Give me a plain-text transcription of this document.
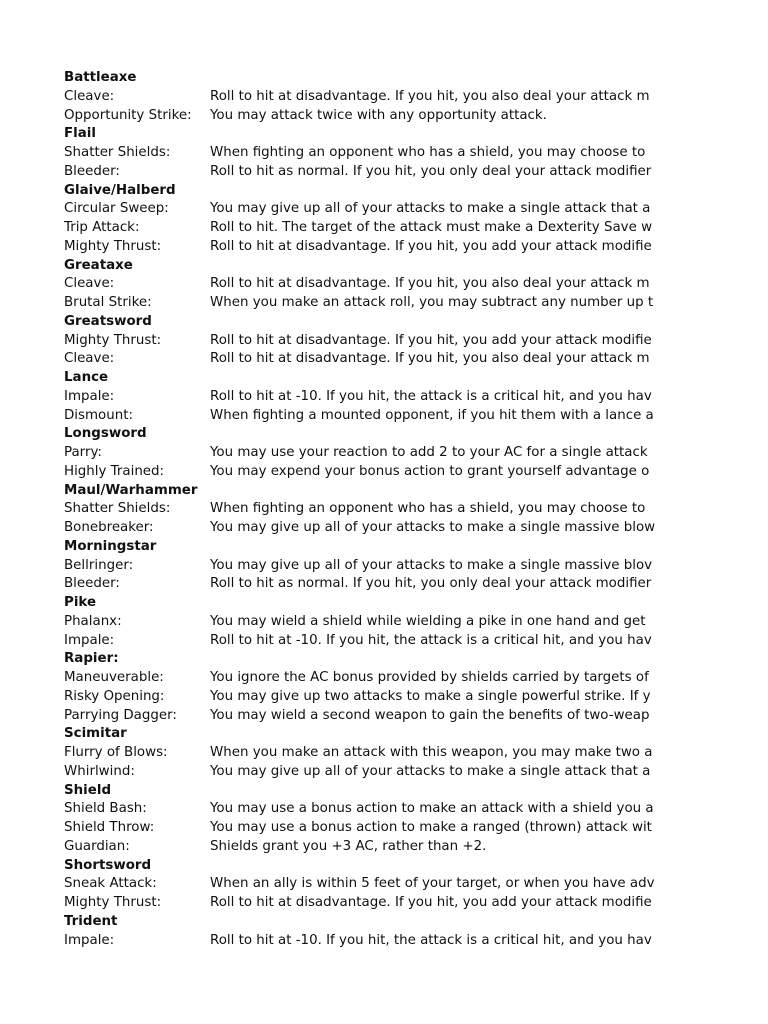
Battleaxe
Cleave:	Roll to hit at disadvantage. If you hit, you also deal your attack m
Opportunity Strike:	You may attack twice with any opportunity attack.
Flail
Shatter Shields:	When fighting an opponent who has a shield, you may choose to
Bleeder:	Roll to hit as normal. If you hit, you only deal your attack modifier
Glaive/Halberd
Circular Sweep:	You may give up all of your attacks to make a single attack that a
Trip Attack:	Roll to hit. The target of the attack must make a Dexterity Save w
Mighty Thrust:	Roll to hit at disadvantage. If you hit, you add your attack modifie
Greataxe
Cleave:	Roll to hit at disadvantage. If you hit, you also deal your attack m
Brutal Strike:	When you make an attack roll, you may subtract any number up t
Greatsword
Mighty Thrust:	Roll to hit at disadvantage. If you hit, you add your attack modifie
Cleave:	Roll to hit at disadvantage. If you hit, you also deal your attack m
Lance
Impale:	Roll to hit at -10. If you hit, the attack is a critical hit, and you hav
Dismount:	When fighting a mounted opponent, if you hit them with a lance a
Longsword
Parry:	You may use your reaction to add 2 to your AC for a single attack
Highly Trained:	You may expend your bonus action to grant yourself advantage o
Maul/Warhammer
Shatter Shields:	When fighting an opponent who has a shield, you may choose to
Bonebreaker:	You may give up all of your attacks to make a single massive blow
Morningstar
Bellringer:	You may give up all of your attacks to make a single massive blov
Bleeder:	Roll to hit as normal. If you hit, you only deal your attack modifier
Pike
Phalanx:	You may wield a shield while wielding a pike in one hand and get
Impale:	Roll to hit at -10. If you hit, the attack is a critical hit, and you hav
Rapier:
Maneuverable:	You ignore the AC bonus provided by shields carried by targets of
Risky Opening:	You may give up two attacks to make a single powerful strike. If y
Parrying Dagger:	You may wield a second weapon to gain the benefits of two-weap
Scimitar
Flurry of Blows:	When you make an attack with this weapon, you may make two a
Whirlwind:	You may give up all of your attacks to make a single attack that a
Shield
Shield Bash:	You may use a bonus action to make an attack with a shield you a
Shield Throw:	You may use a bonus action to make a ranged (thrown) attack wit
Guardian:	Shields grant you +3 AC, rather than +2.
Shortsword
Sneak Attack:	When an ally is within 5 feet of your target, or when you have adv
Mighty Thrust:	Roll to hit at disadvantage. If you hit, you add your attack modifie
Trident
Impale:	Roll to hit at -10. If you hit, the attack is a critical hit, and you hav
